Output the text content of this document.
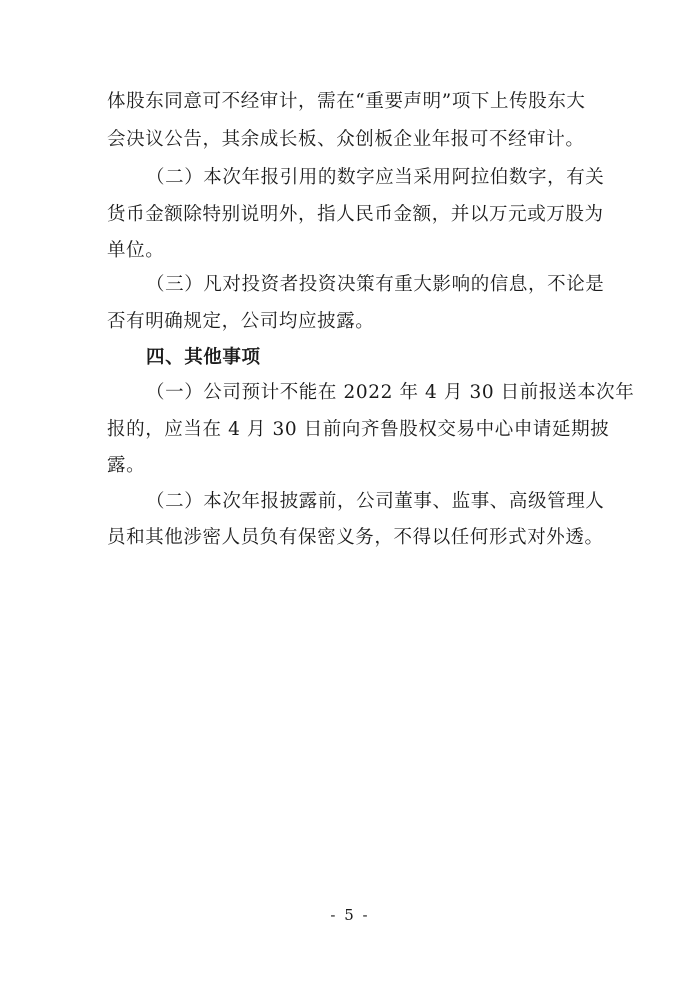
体股东同意可不经审计，需在“重要声明”项下上传股东大
会决议公告，其余成长板、众创板企业年报可不经审计。
（二）本次年报引用的数字应当采用阿拉伯数字，有关
货币金额除特别说明外，指人民币金额，并以万元或万股为
单位。
（三）凡对投资者投资决策有重大影响的信息，不论是
否有明确规定，公司均应披露。
四、其他事项
（一）公司预计不能在 2022 年 4 月 30 日前报送本次年
报的，应当在 4 月 30 日前向齐鲁股权交易中心申请延期披
露。
（二）本次年报披露前，公司董事、监事、高级管理人
员和其他涉密人员负有保密义务，不得以任何形式对外透。
- 5 -
